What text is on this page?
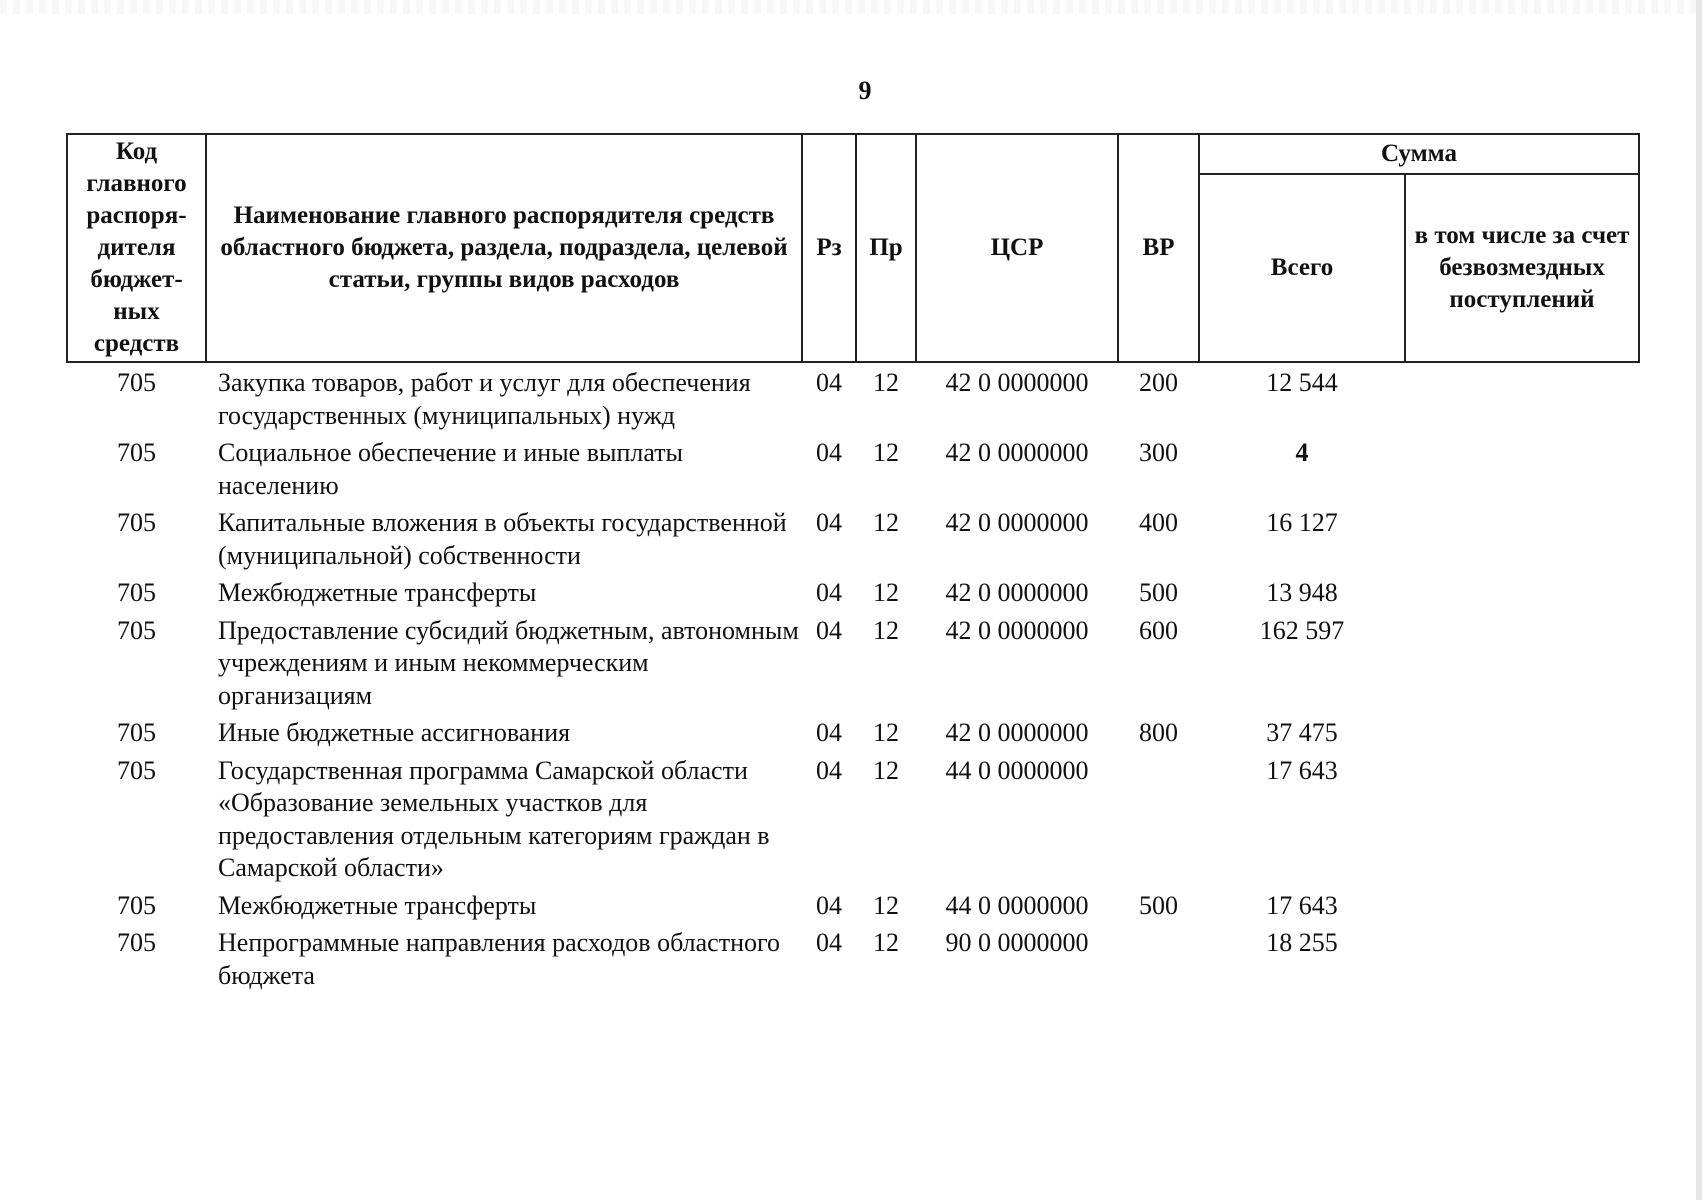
9
Код главного распоря-дителя бюджет-ных средств	Наименование главного распорядителя средств областного бюджета, раздела, подраздела, целевой статьи, группы видов расходов	Рз	Пр	ЦСР	ВР	Сумма	
						Всего	в том числе за счет безвозмездных поступлений
705	Закупка товаров, работ и услуг для обеспечения государственных (муниципальных) нужд	04	12	42 0 0000000	200	12 544	
705	Социальное обеспечение и иные выплаты населению	04	12	42 0 0000000	300	4	
705	Капитальные вложения в объекты государственной (муниципальной) собственности	04	12	42 0 0000000	400	16 127	
705	Межбюджетные трансферты	04	12	42 0 0000000	500	13 948	
705	Предоставление субсидий бюджетным, автономным учреждениям и иным некоммерческим организациям	04	12	42 0 0000000	600	162 597	
705	Иные бюджетные ассигнования	04	12	42 0 0000000	800	37 475	
705	Государственная программа Самарской области «Образование земельных участков для предоставления отдельным категориям граждан в Самарской области»	04	12	44 0 0000000		17 643	
705	Межбюджетные трансферты	04	12	44 0 0000000	500	17 643	
705	Непрограммные направления расходов областного бюджета	04	12	90 0 0000000		18 255	
